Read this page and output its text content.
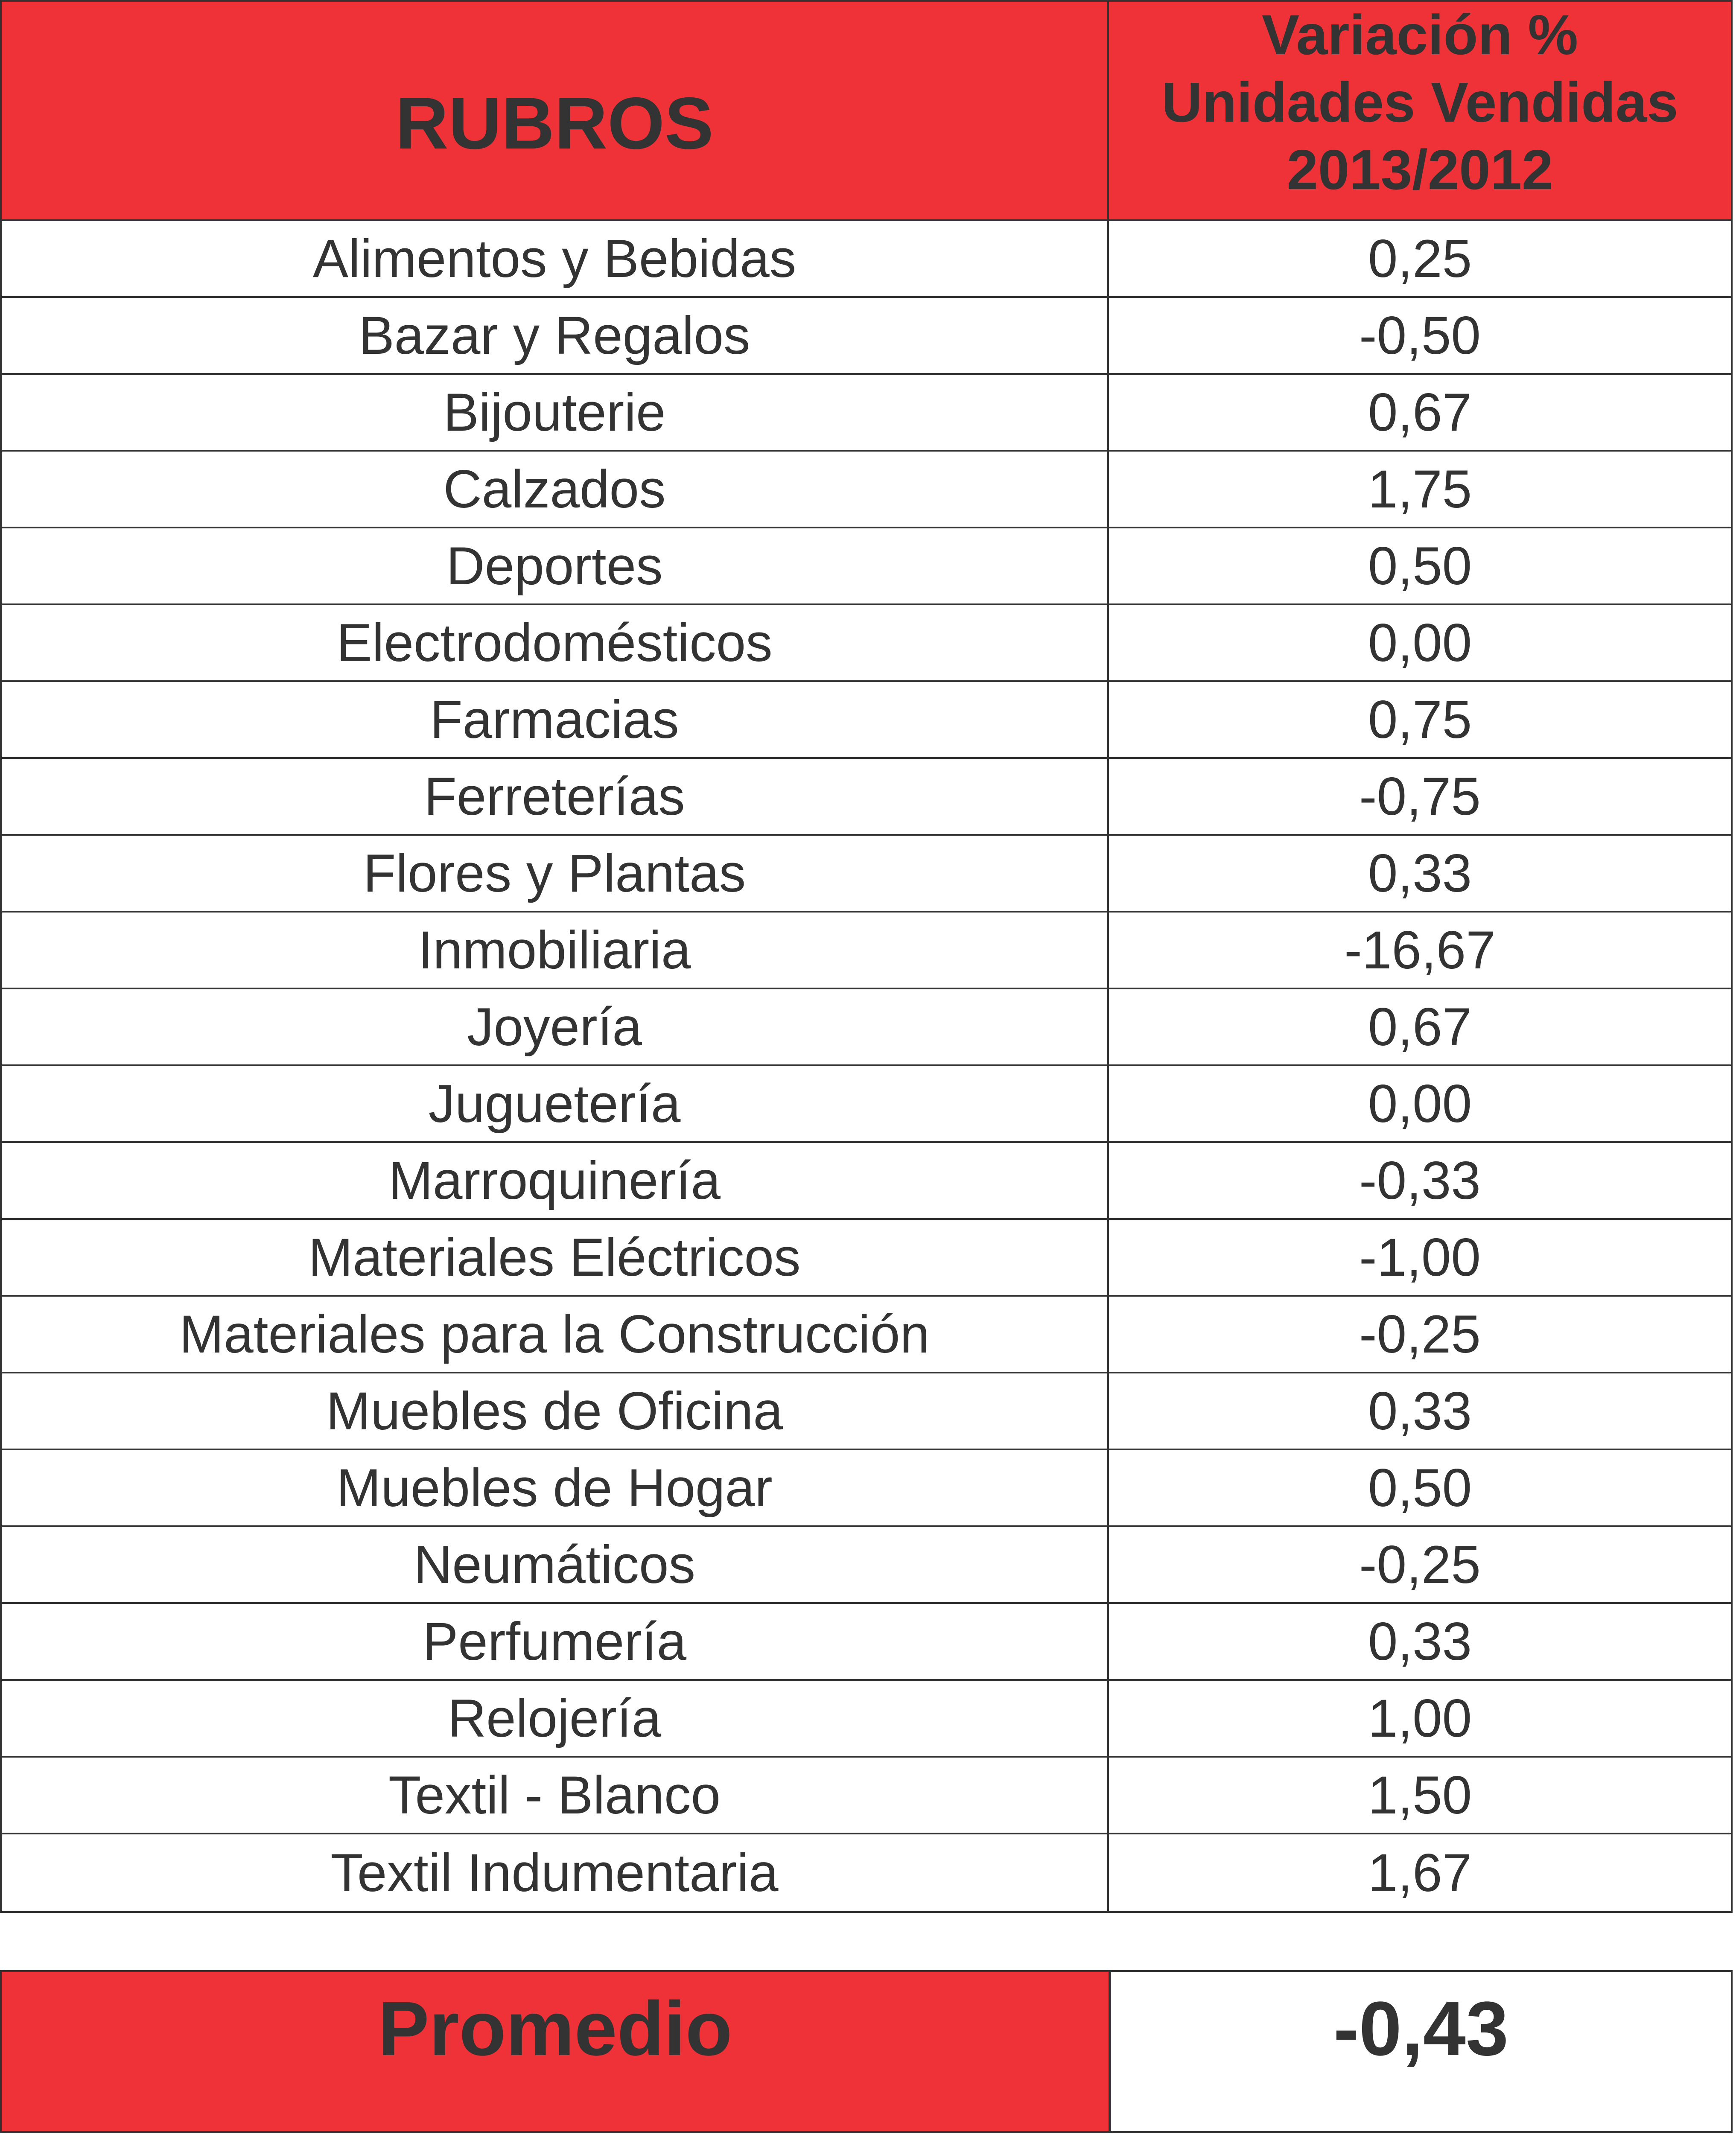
RUBROS
Variación %
Unidades Vendidas
2013/2012
Alimentos y Bebidas	0,25
Bazar y Regalos	-0,50
Bijouterie	0,67
Calzados	1,75
Deportes	0,50
Electrodomésticos	0,00
Farmacias	0,75
Ferreterías	-0,75
Flores y Plantas	0,33
Inmobiliaria	-16,67
Joyería	0,67
Juguetería	0,00
Marroquinería	-0,33
Materiales Eléctricos	-1,00
Materiales para la Construcción	-0,25
Muebles de Oficina	0,33
Muebles de Hogar	0,50
Neumáticos	-0,25
Perfumería	0,33
Relojería	1,00
Textil - Blanco	1,50
Textil Indumentaria	1,67
Promedio	-0,43
